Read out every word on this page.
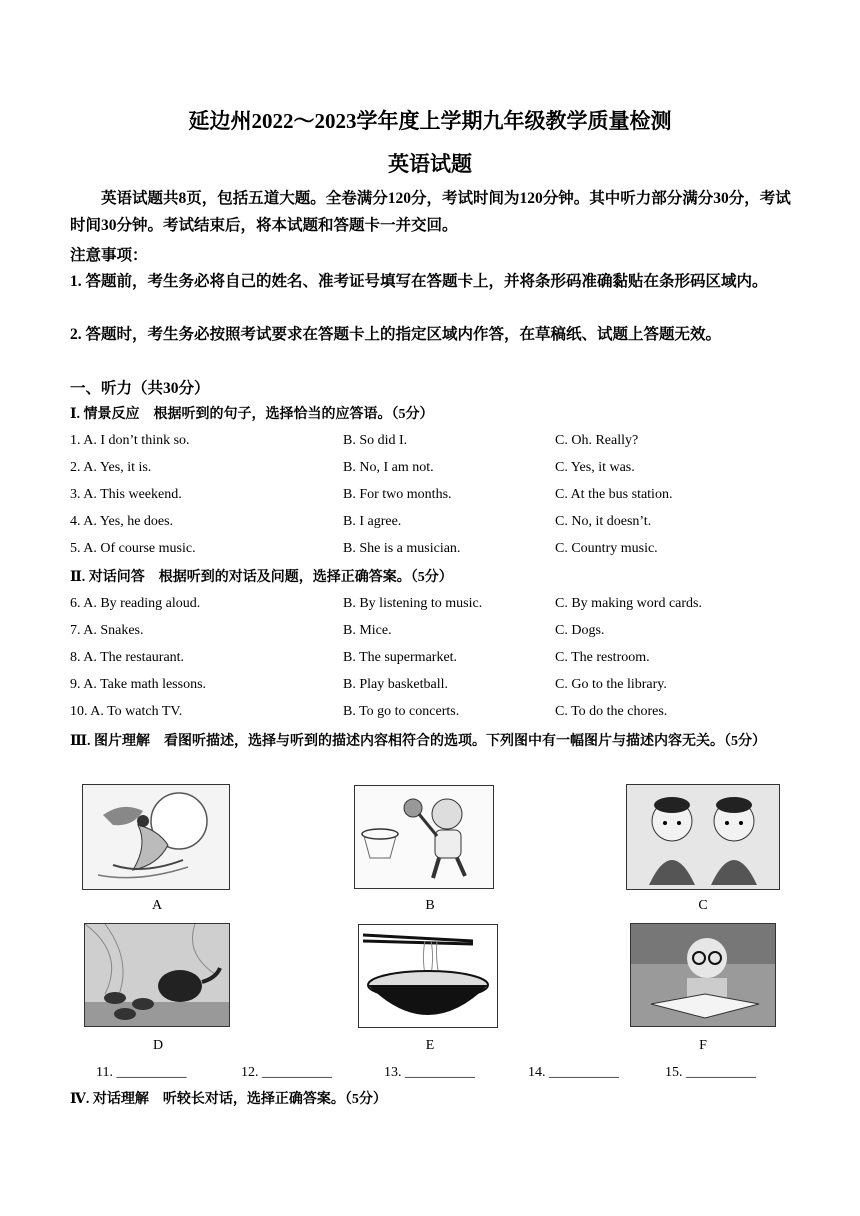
延边州2022～2023学年度上学期九年级教学质量检测
英语试题
英语试题共8页，包括五道大题。全卷满分120分，考试时间为120分钟。其中听力部分满分30分，考试时间30分钟。考试结束后，将本试题和答题卡一并交回。
注意事项：
1. 答题前，考生务必将自己的姓名、准考证号填写在答题卡上，并将条形码准确黏贴在条形码区域内。
2. 答题时，考生务必按照考试要求在答题卡上的指定区域内作答，在草稿纸、试题上答题无效。
一、听力（共30分）
Ⅰ. 情景反应　根据听到的句子，选择恰当的应答语。（5分）
1. A. I don’t think so.	B. So did I.	C. Oh. Really?
2. A. Yes, it is.	B. No, I am not.	C. Yes, it was.
3. A. This weekend.	B. For two months.	C. At the bus station.
4. A. Yes, he does.	B. I agree.	C. No, it doesn’t.
5. A. Of course music.	B. She is a musician.	C. Country music.
Ⅱ. 对话问答　根据听到的对话及问题，选择正确答案。（5分）
6. A. By reading aloud.	B. By listening to music.	C. By making word cards.
7. A. Snakes.	B. Mice.	C. Dogs.
8. A. The restaurant.	B. The supermarket.	C. The restroom.
9. A. Take math lessons.	B. Play basketball.	C. Go to the library.
10. A. To watch TV.	B. To go to concerts.	C. To do the chores.
Ⅲ. 图片理解　看图听描述，选择与听到的描述内容相符合的选项。下列图中有一幅图片与描述内容无关。（5分）
A	B	C
D	E	F
11. __________	12. __________	13. __________	14. __________	15. __________
Ⅳ. 对话理解　听较长对话，选择正确答案。（5分）
